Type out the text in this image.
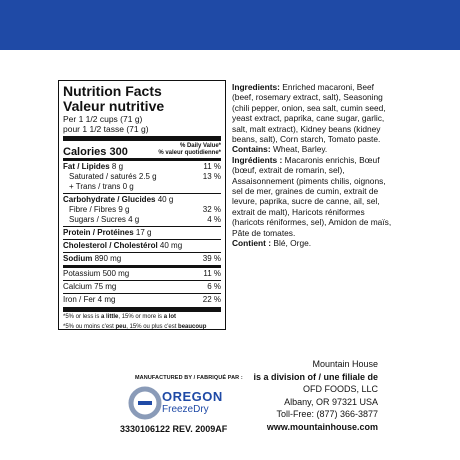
Nutrition Facts
Valeur nutritive
Per 1 1/2 cups (71 g)
pour 1 1/2 tasse (71 g)
Calories 300	% Daily Value*
% valeur quotidienne*
Fat / Lipides 8 g	11 %
Saturated / saturés 2.5 g	13 %
+ Trans / trans 0 g
Carbohydrate / Glucides 40 g
Fibre / Fibres 9 g	32 %
Sugars / Sucres 4 g	4 %
Protein / Protéines 17 g
Cholesterol / Cholestérol 40 mg
Sodium 890 mg	39 %
Potassium 500 mg	11 %
Calcium 75 mg	6 %
Iron / Fer 4 mg	22 %
*5% or less is a little, 15% or more is a lot
*5% ou moins c'est peu, 15% ou plus c'est beaucoup

Ingredients: Enriched macaroni, Beef (beef, rosemary extract, salt), Seasoning (chili pepper, onion, sea salt, cumin seed, yeast extract, paprika, cane sugar, garlic, salt, malt extract), Kidney beans (kidney beans, salt), Corn starch, Tomato paste.

Contains: Wheat, Barley.

Ingrédients : Macaronis enrichis, Bœuf (bœuf, extrait de romarin, sel), Assaisonnement (piments chilis, oignons, sel de mer, graines de cumin, extrait de levure, paprika, sucre de canne, ail, sel, extrait de malt), Haricots réniformes (haricots réniformes, sel), Amidon de maïs, Pâte de tomates.

Contient : Blé, Orge.

MANUFACTURED BY / FABRIQUÉ PAR :
OREGON
FreezeDry
3330106122 REV. 2009AF
Mountain House
is a division of / une filiale de
OFD FOODS, LLC
Albany, OR 97321 USA
Toll-Free: (877) 366-3877
www.mountainhouse.com
